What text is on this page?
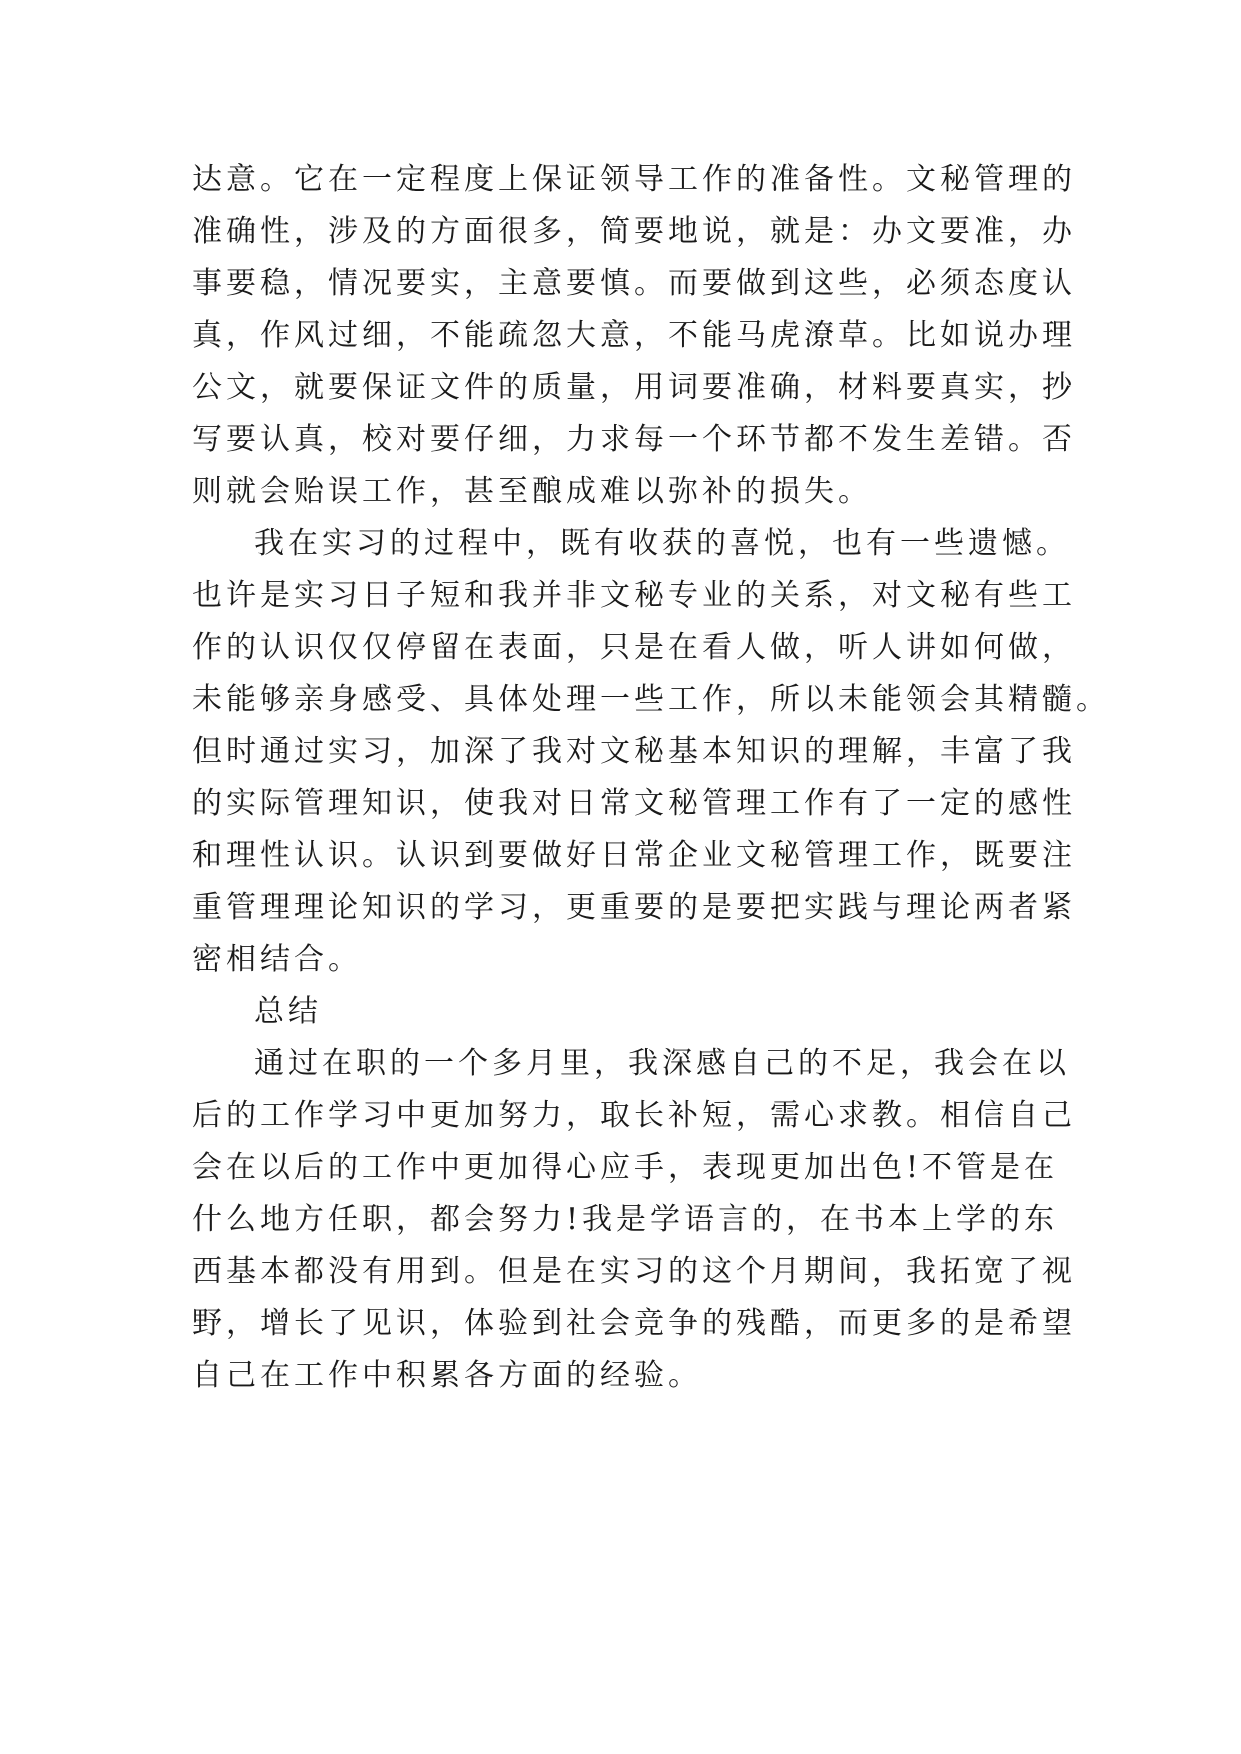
达意。它在一定程度上保证领导工作的准备性。文秘管理的
准确性，涉及的方面很多，简要地说，就是：办文要准，办
事要稳，情况要实，主意要慎。而要做到这些，必须态度认
真，作风过细，不能疏忽大意，不能马虎潦草。比如说办理
公文，就要保证文件的质量，用词要准确，材料要真实，抄
写要认真，校对要仔细，力求每一个环节都不发生差错。否
则就会贻误工作，甚至酿成难以弥补的损失。
我在实习的过程中，既有收获的喜悦，也有一些遗憾。
也许是实习日子短和我并非文秘专业的关系，对文秘有些工
作的认识仅仅停留在表面，只是在看人做，听人讲如何做，
未能够亲身感受、具体处理一些工作，所以未能领会其精髓。
但时通过实习，加深了我对文秘基本知识的理解，丰富了我
的实际管理知识，使我对日常文秘管理工作有了一定的感性
和理性认识。认识到要做好日常企业文秘管理工作，既要注
重管理理论知识的学习，更重要的是要把实践与理论两者紧
密相结合。
总结
通过在职的一个多月里，我深感自己的不足，我会在以
后的工作学习中更加努力，取长补短，需心求教。相信自己
会在以后的工作中更加得心应手，表现更加出色!不管是在
什么地方任职，都会努力!我是学语言的，在书本上学的东
西基本都没有用到。但是在实习的这个月期间，我拓宽了视
野，增长了见识，体验到社会竞争的残酷，而更多的是希望
自己在工作中积累各方面的经验。
